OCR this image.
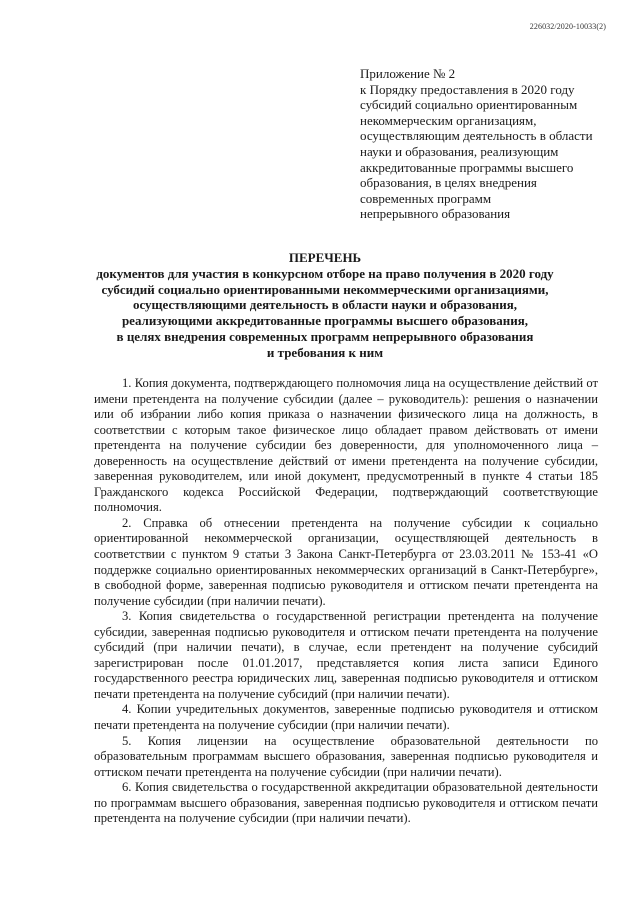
226032/2020-10033(2)
Приложение № 2
к Порядку предоставления в 2020 году
субсидий социально ориентированным
некоммерческим организациям,
осуществляющим деятельность в области
науки и образования, реализующим
аккредитованные программы высшего
образования, в целях внедрения
современных программ
непрерывного образования
ПЕРЕЧЕНЬ
документов для участия в конкурсном отборе на право получения в 2020 году
субсидий социально ориентированными некоммерческими организациями,
осуществляющими деятельность в области науки и образования,
реализующими аккредитованные программы высшего образования,
в целях внедрения современных программ непрерывного образования
и требования к ним

1. Копия документа, подтверждающего полномочия лица на осуществление действий от имени претендента на получение субсидии (далее – руководитель): решения о назначении или об избрании либо копия приказа о назначении физического лица на должность, в соответствии с которым такое физическое лицо обладает правом действовать от имени претендента на получение субсидии без доверенности, для уполномоченного лица – доверенность на осуществление действий от имени претендента на получение субсидии, заверенная руководителем, или иной документ, предусмотренный в пункте 4 статьи 185 Гражданского кодекса Российской Федерации, подтверждающий соответствующие полномочия.

2. Справка об отнесении претендента на получение субсидии к социально ориентированной некоммерческой организации, осуществляющей деятельность в соответствии с пунктом 9 статьи 3 Закона Санкт-Петербурга от 23.03.2011 № 153-41 «О поддержке социально ориентированных некоммерческих организаций в Санкт-Петербурге», в свободной форме, заверенная подписью руководителя и оттиском печати претендента на получение субсидии (при наличии печати).

3. Копия свидетельства о государственной регистрации претендента на получение субсидии, заверенная подписью руководителя и оттиском печати претендента на получение субсидий (при наличии печати), в случае, если претендент на получение субсидий зарегистрирован после 01.01.2017, представляется копия листа записи Единого государственного реестра юридических лиц, заверенная подписью руководителя и оттиском печати претендента на получение субсидий (при наличии печати).

4. Копии учредительных документов, заверенные подписью руководителя и оттиском печати претендента на получение субсидии (при наличии печати).

5. Копия лицензии на осуществление образовательной деятельности по образовательным программам высшего образования, заверенная подписью руководителя и оттиском печати претендента на получение субсидии (при наличии печати).

6. Копия свидетельства о государственной аккредитации образовательной деятельности по программам высшего образования, заверенная подписью руководителя и оттиском печати претендента на получение субсидии (при наличии печати).
